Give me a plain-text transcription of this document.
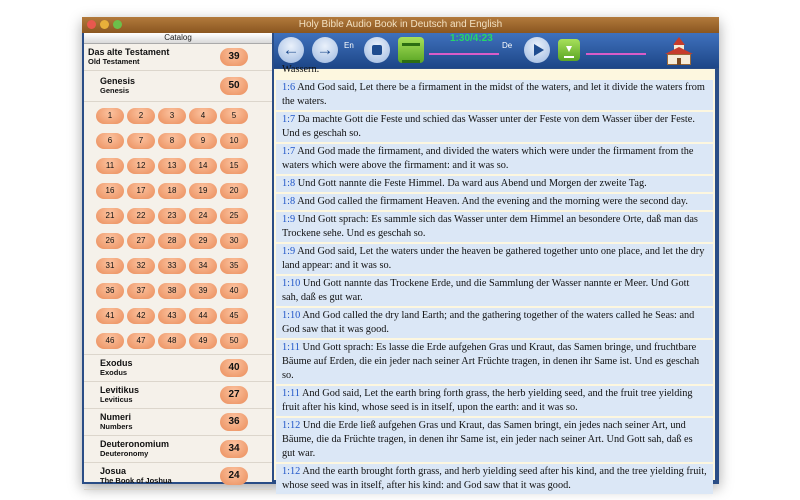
Holy Bible Audio Book in Deutsch and English
Catalog
Das alte Testament
Old Testament	39
Genesis
Genesis	50
1	2	3	4	5
6	7	8	9	10
11	12	13	14	15
16	17	18	19	20
21	22	23	24	25
26	27	28	29	30
31	32	33	34	35
36	37	38	39	40
41	42	43	44	45
46	47	48	49	50
Exodus
Exodus	40
Levitikus
Leviticus	27
Numeri
Numbers	36
Deuteronomium
Deuteronomy	34
Josua
The Book of Joshua	24
← →	En
1:30/4:23
De
Wassern.
1:6 And God said, Let there be a firmament in the midst of the waters, and let it divide the waters from the waters.
1:7 Da machte Gott die Feste und schied das Wasser unter der Feste von dem Wasser über der Feste. Und es geschah so.
1:7 And God made the firmament, and divided the waters which were under the firmament from the waters which were above the firmament: and it was so.
1:8 Und Gott nannte die Feste Himmel. Da ward aus Abend und Morgen der zweite Tag.
1:8 And God called the firmament Heaven. And the evening and the morning were the second day.
1:9 Und Gott sprach: Es sammle sich das Wasser unter dem Himmel an besondere Orte, daß man das Trockene sehe. Und es geschah so.
1:9 And God said, Let the waters under the heaven be gathered together unto one place, and let the dry land appear: and it was so.
1:10 Und Gott nannte das Trockene Erde, und die Sammlung der Wasser nannte er Meer. Und Gott sah, daß es gut war.
1:10 And God called the dry land Earth; and the gathering together of the waters called he Seas: and God saw that it was good.
1:11 Und Gott sprach: Es lasse die Erde aufgehen Gras und Kraut, das Samen bringe, und fruchtbare Bäume auf Erden, die ein jeder nach seiner Art Früchte tragen, in denen ihr Same ist. Und es geschah so.
1:11 And God said, Let the earth bring forth grass, the herb yielding seed, and the fruit tree yielding fruit after his kind, whose seed is in itself, upon the earth: and it was so.
1:12 Und die Erde ließ aufgehen Gras und Kraut, das Samen bringt, ein jedes nach seiner Art, und Bäume, die da Früchte tragen, in denen ihr Same ist, ein jeder nach seiner Art. Und Gott sah, daß es gut war.
1:12 And the earth brought forth grass, and herb yielding seed after his kind, and the tree yielding fruit, whose seed was in itself, after his kind: and God saw that it was good.
